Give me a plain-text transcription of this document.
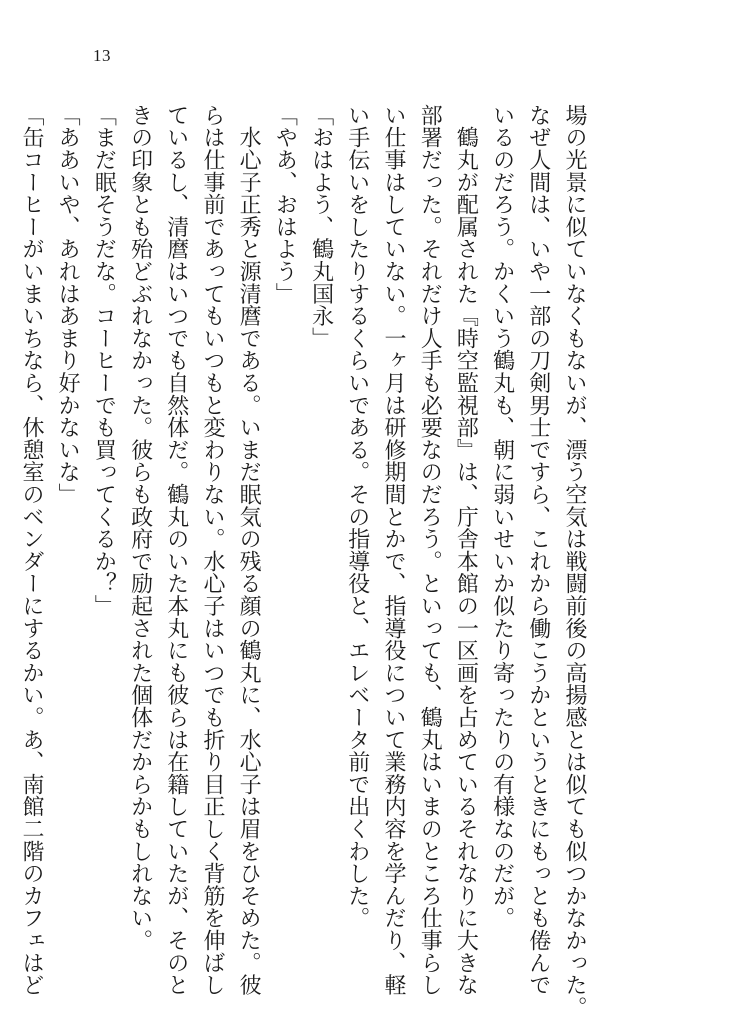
13
場の光景に似ていなくもないが、漂う空気は戦闘前後の高揚感とは似ても似つかなかった。
なぜ人間は、いや一部の刀剣男士ですら、これから働こうかというときにもっとも倦んで
いるのだろう。かくいう鶴丸も、朝に弱いせいか似たり寄ったりの有様なのだが。
　鶴丸が配属された『時空監視部』は、庁舎本館の一区画を占めているそれなりに大きな
部署だった。それだけ人手も必要なのだろう。といっても、鶴丸はいまのところ仕事らし
い仕事はしていない。一ヶ月は研修期間とかで、指導役について業務内容を学んだり、軽
い手伝いをしたりするくらいである。その指導役と、エレベータ前で出くわした。
「おはよう、鶴丸国永」
「やあ、おはよう」
　水心子正秀と源清麿である。いまだ眠気の残る顔の鶴丸に、水心子は眉をひそめた。彼
らは仕事前であってもいつもと変わりない。水心子はいつでも折り目正しく背筋を伸ばし
ているし、清麿はいつでも自然体だ。鶴丸のいた本丸にも彼らは在籍していたが、そのと
きの印象とも殆どぶれなかった。彼らも政府で励起された個体だからかもしれない。
「まだ眠そうだな。コーヒーでも買ってくるか？」
「ああいや、あれはあまり好かないな」
「缶コーヒーがいまいちなら、休憩室のベンダーにするかい。あ、南館二階のカフェはど
